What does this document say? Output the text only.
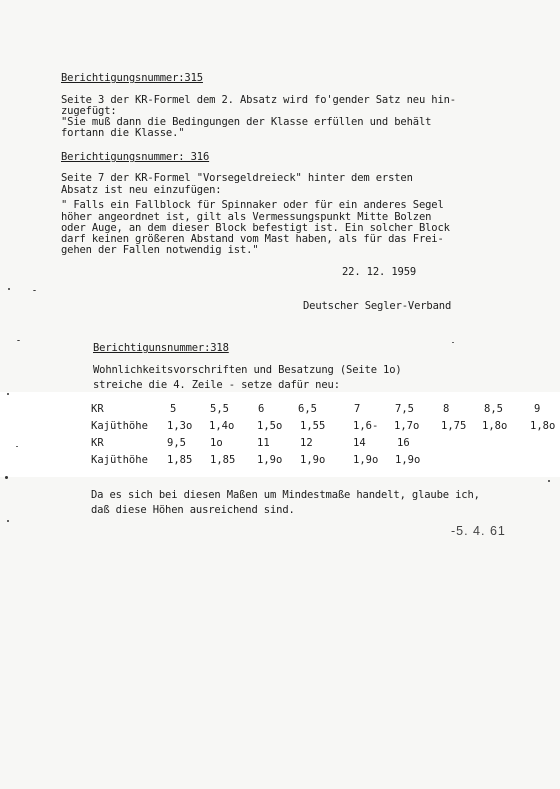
Berichtigungsnummer:315
Seite 3 der KR-Formel dem 2. Absatz wird fo'gender Satz neu hin-
zugefügt:
"Sie muß dann die Bedingungen der Klasse erfüllen und behält
fortann die Klasse."
Berichtigungsnummer: 316
Seite 7 der KR-Formel "Vorsegeldreieck" hinter dem ersten
Absatz ist neu einzufügen:
" Falls ein Fallblock für Spinnaker oder für ein anderes Segel
höher angeordnet ist, gilt als Vermessungspunkt Mitte Bolzen
oder Auge, an dem dieser Block befestigt ist. Ein solcher Block
darf keinen größeren Abstand vom Mast haben, als für das Frei-
gehen der Fallen notwendig ist."
22. 12. 1959
Deutscher Segler-Verband
Berichtigunsnummer:318
Wohnlichkeitsvorschriften und Besatzung (Seite 1o)
streiche die 4. Zeile - setze dafür neu:
KR	5	5,5	6	6,5	7	7,5	8	8,5	9
Kajüthöhe 1,3o 1,4o 1,5o 1,55	1,6- 1,7o 1,75 1,8o 1,8o
KR	9,5 1o	11	12	14	16
Kajüthöhe 1,85 1,85 1,9o 1,9o	1,9o 1,9o
Da es sich bei diesen Maßen um Mindestmaße handelt, glaube ich,
daß diese Höhen ausreichend sind.
-5. 4. 61
